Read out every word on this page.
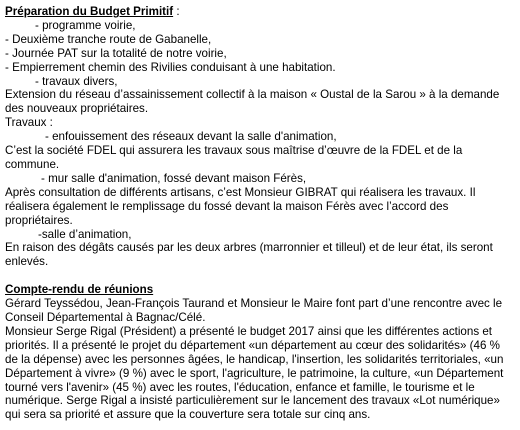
Préparation du Budget Primitif :
- programme voirie,
- Deuxième tranche route de Gabanelle,
- Journée PAT sur la totalité de notre voirie,
- Empierrement chemin des Rivilies conduisant à une habitation.
- travaux divers,
Extension du réseau d’assainissement collectif à la maison « Oustal de la Sarou » à la demande des nouveaux propriétaires.
Travaux :
- enfouissement des réseaux devant la salle d'animation,
C’est la société FDEL qui assurera les travaux sous maîtrise d’œuvre de la FDEL et de la commune.
- mur salle d'animation, fossé devant maison Férès,
Après consultation de différents artisans, c’est Monsieur GIBRAT qui réalisera les travaux. Il réalisera également le remplissage du fossé devant la maison Férès avec l’accord des propriétaires.
-salle d’animation,
En raison des dégâts causés par les deux arbres (marronnier et tilleul) et de leur état, ils seront enlevés.
Compte-rendu de réunions
Gérard Teyssédou, Jean-François Taurand et Monsieur le Maire font part d’une rencontre avec le Conseil Départemental à Bagnac/Célé.
Monsieur Serge Rigal (Président) a présenté le budget 2017 ainsi que les différentes actions et priorités. Il a présenté le projet du département «un département au cœur des solidarités» (46 % de la dépense) avec les personnes âgées, le handicap, l'insertion, les solidarités territoriales, «un Département à vivre» (9 %) avec le sport, l'agriculture, le patrimoine, la culture, «un Département tourné vers l'avenir» (45 %) avec les routes, l'éducation, enfance et famille, le tourisme et le numérique. Serge Rigal a insisté particulièrement sur le lancement des travaux «Lot numérique» qui sera sa priorité et assure que la couverture sera totale sur cinq ans.
